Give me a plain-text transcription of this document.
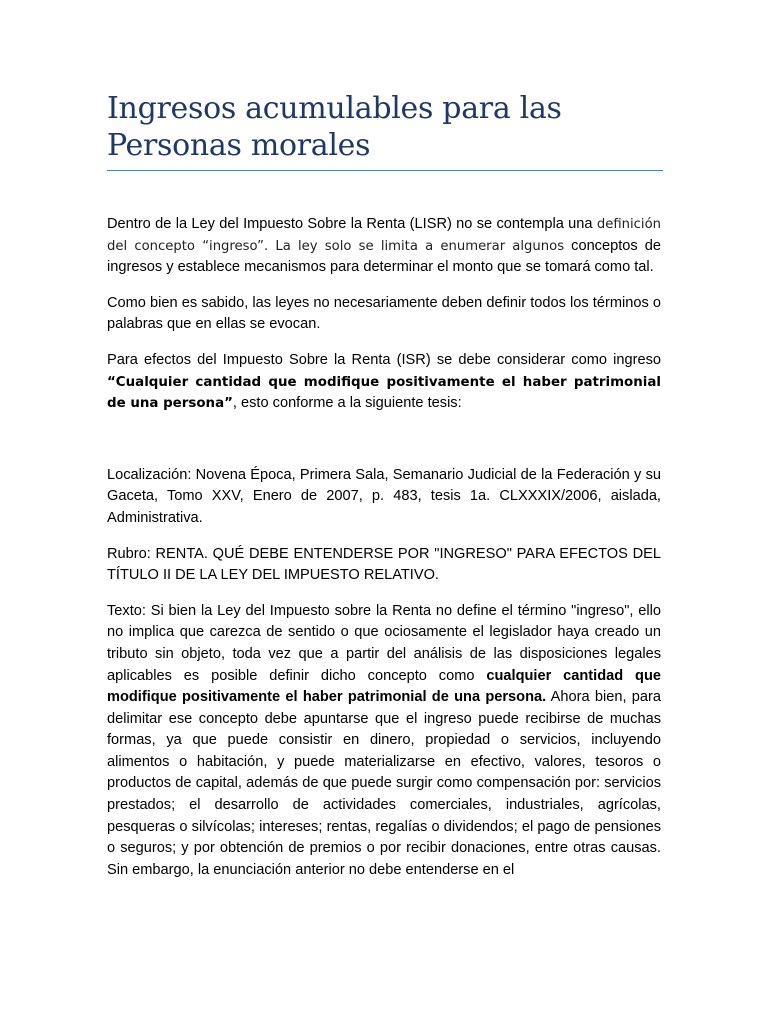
Ingresos acumulables para las
Personas morales

Dentro de la Ley del Impuesto Sobre la Renta (LISR) no se contempla una definición del concepto “ingreso”. La ley solo se limita a enumerar algunos conceptos de ingresos y establece mecanismos para determinar el monto que se tomará como tal.

Como bien es sabido, las leyes no necesariamente deben definir todos los términos o palabras que en ellas se evocan.

Para efectos del Impuesto Sobre la Renta (ISR) se debe considerar como ingreso “Cualquier cantidad que modifique positivamente el haber patrimonial de una persona”, esto conforme a la siguiente tesis:

Localización: Novena Época, Primera Sala, Semanario Judicial de la Federación y su Gaceta, Tomo XXV, Enero de 2007, p. 483, tesis 1a. CLXXXIX/2006, aislada, Administrativa.

Rubro: RENTA. QUÉ DEBE ENTENDERSE POR "INGRESO" PARA EFECTOS DEL TÍTULO II DE LA LEY DEL IMPUESTO RELATIVO.

Texto: Si bien la Ley del Impuesto sobre la Renta no define el término "ingreso", ello no implica que carezca de sentido o que ociosamente el legislador haya creado un tributo sin objeto, toda vez que a partir del análisis de las disposiciones legales aplicables es posible definir dicho concepto como cualquier cantidad que modifique positivamente el haber patrimonial de una persona. Ahora bien, para delimitar ese concepto debe apuntarse que el ingreso puede recibirse de muchas formas, ya que puede consistir en dinero, propiedad o servicios, incluyendo alimentos o habitación, y puede materializarse en efectivo, valores, tesoros o productos de capital, además de que puede surgir como compensación por: servicios prestados; el desarrollo de actividades comerciales, industriales, agrícolas, pesqueras o silvícolas; intereses; rentas, regalías o dividendos; el pago de pensiones o seguros; y por obtención de premios o por recibir donaciones, entre otras causas. Sin embargo, la enunciación anterior no debe entenderse en el
